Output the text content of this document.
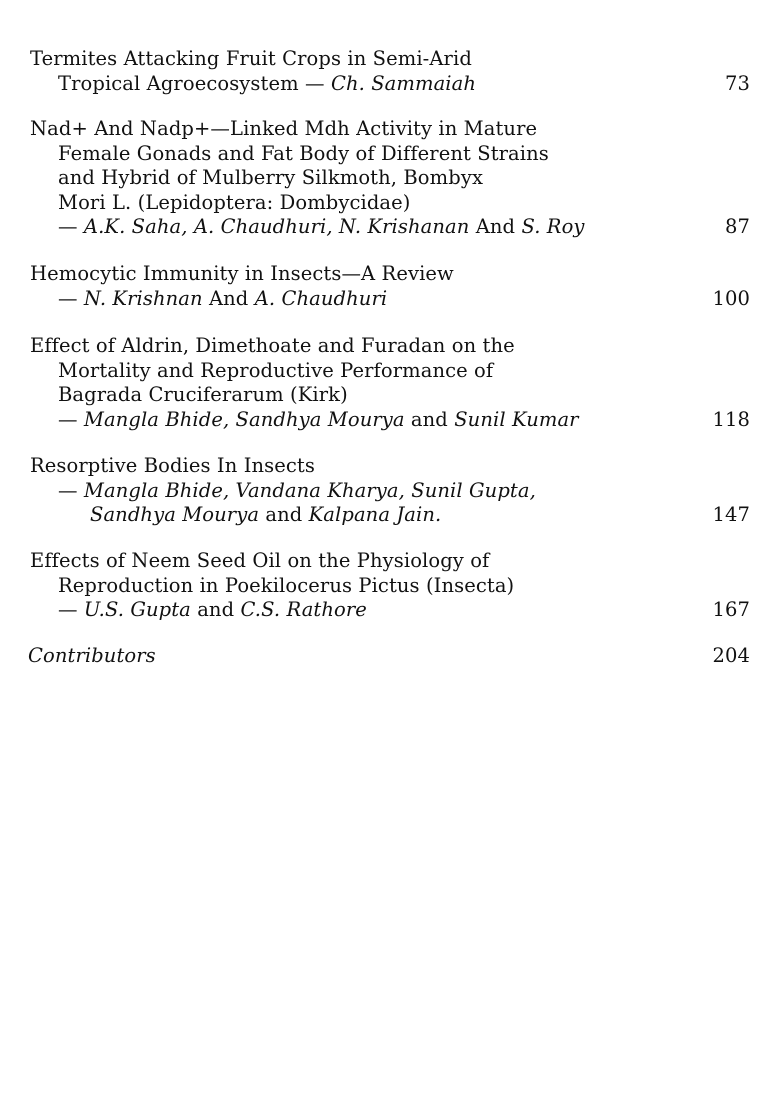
Termites Attacking Fruit Crops in Semi-Arid
Tropical Agroecosystem — Ch. Sammaiah	73
Nad+ And Nadp+—Linked Mdh Activity in Mature
Female Gonads and Fat Body of Different Strains
and Hybrid of Mulberry Silkmoth, Bombyx
Mori L. (Lepidoptera: Dombycidae)
— A.K. Saha, A. Chaudhuri, N. Krishanan And S. Roy	87
Hemocytic Immunity in Insects—A Review
— N. Krishnan And A. Chaudhuri	100
Effect of Aldrin, Dimethoate and Furadan on the
Mortality and Reproductive Performance of
Bagrada Cruciferarum (Kirk)
— Mangla Bhide, Sandhya Mourya and Sunil Kumar	118
Resorptive Bodies In Insects
— Mangla Bhide, Vandana Kharya, Sunil Gupta,
Sandhya Mourya and Kalpana Jain.	147
Effects of Neem Seed Oil on the Physiology of
Reproduction in Poekilocerus Pictus (Insecta)
— U.S. Gupta and C.S. Rathore	167
Contributors	204
